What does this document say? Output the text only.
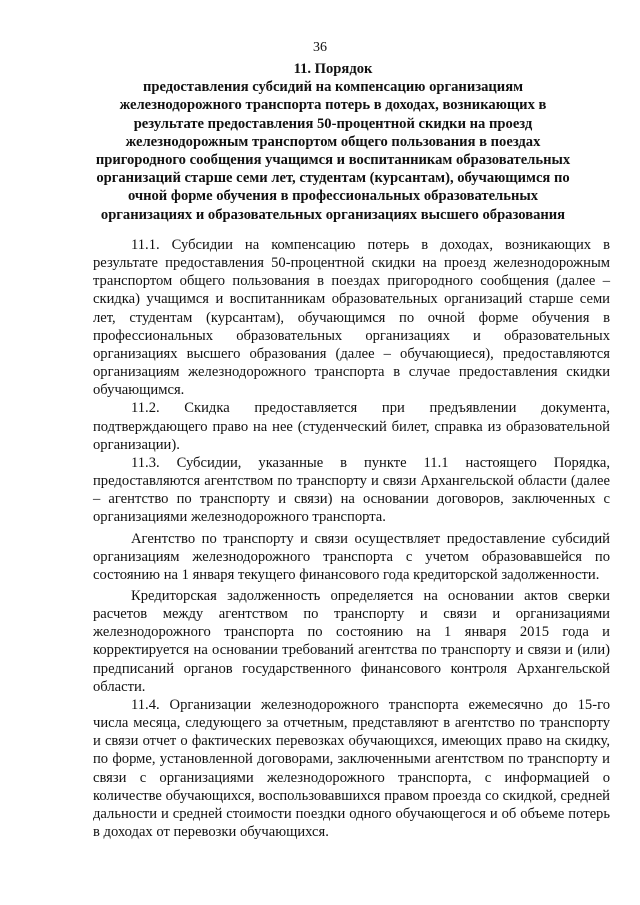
36
11. Порядок
предоставления субсидий на компенсацию организациям железнодорожного транспорта потерь в доходах, возникающих в результате предоставления 50-процентной скидки на проезд железнодорожным транспортом общего пользования в поездах пригородного сообщения учащимся и воспитанникам образовательных организаций старше семи лет, студентам (курсантам), обучающимся по очной форме обучения в профессиональных образовательных организациях и образовательных организациях высшего образования

11.1. Субсидии на компенсацию потерь в доходах, возникающих в результате предоставления 50-процентной скидки на проезд железнодорожным транспортом общего пользования в поездах пригородного сообщения (далее – скидка) учащимся и воспитанникам образовательных организаций старше семи лет, студентам (курсантам), обучающимся по очной форме обучения в профессиональных образовательных организациях и образовательных организациях высшего образования (далее – обучающиеся), предоставляются организациям железнодорожного транспорта в случае предоставления скидки обучающимся.

11.2. Скидка предоставляется при предъявлении документа, подтверждающего право на нее (студенческий билет, справка из образовательной организации).

11.3. Субсидии, указанные в пункте 11.1 настоящего Порядка, предоставляются агентством по транспорту и связи Архангельской области (далее – агентство по транспорту и связи) на основании договоров, заключенных с организациями железнодорожного транспорта.

Агентство по транспорту и связи осуществляет предоставление субсидий организациям железнодорожного транспорта с учетом образовавшейся по состоянию на 1 января текущего финансового года кредиторской задолженности.

Кредиторская задолженность определяется на основании актов сверки расчетов между агентством по транспорту и связи и организациями железнодорожного транспорта по состоянию на 1 января 2015 года и корректируется на основании требований агентства по транспорту и связи и (или) предписаний органов государственного финансового контроля Архангельской области.

11.4. Организации железнодорожного транспорта ежемесячно до 15-го числа месяца, следующего за отчетным, представляют в агентство по транспорту и связи отчет о фактических перевозках обучающихся, имеющих право на скидку, по форме, установленной договорами, заключенными агентством по транспорту и связи с организациями железнодорожного транспорта, с информацией о количестве обучающихся, воспользовавшихся правом проезда со скидкой, средней дальности и средней стоимости поездки одного обучающегося и об объеме потерь в доходах от перевозки обучающихся.
